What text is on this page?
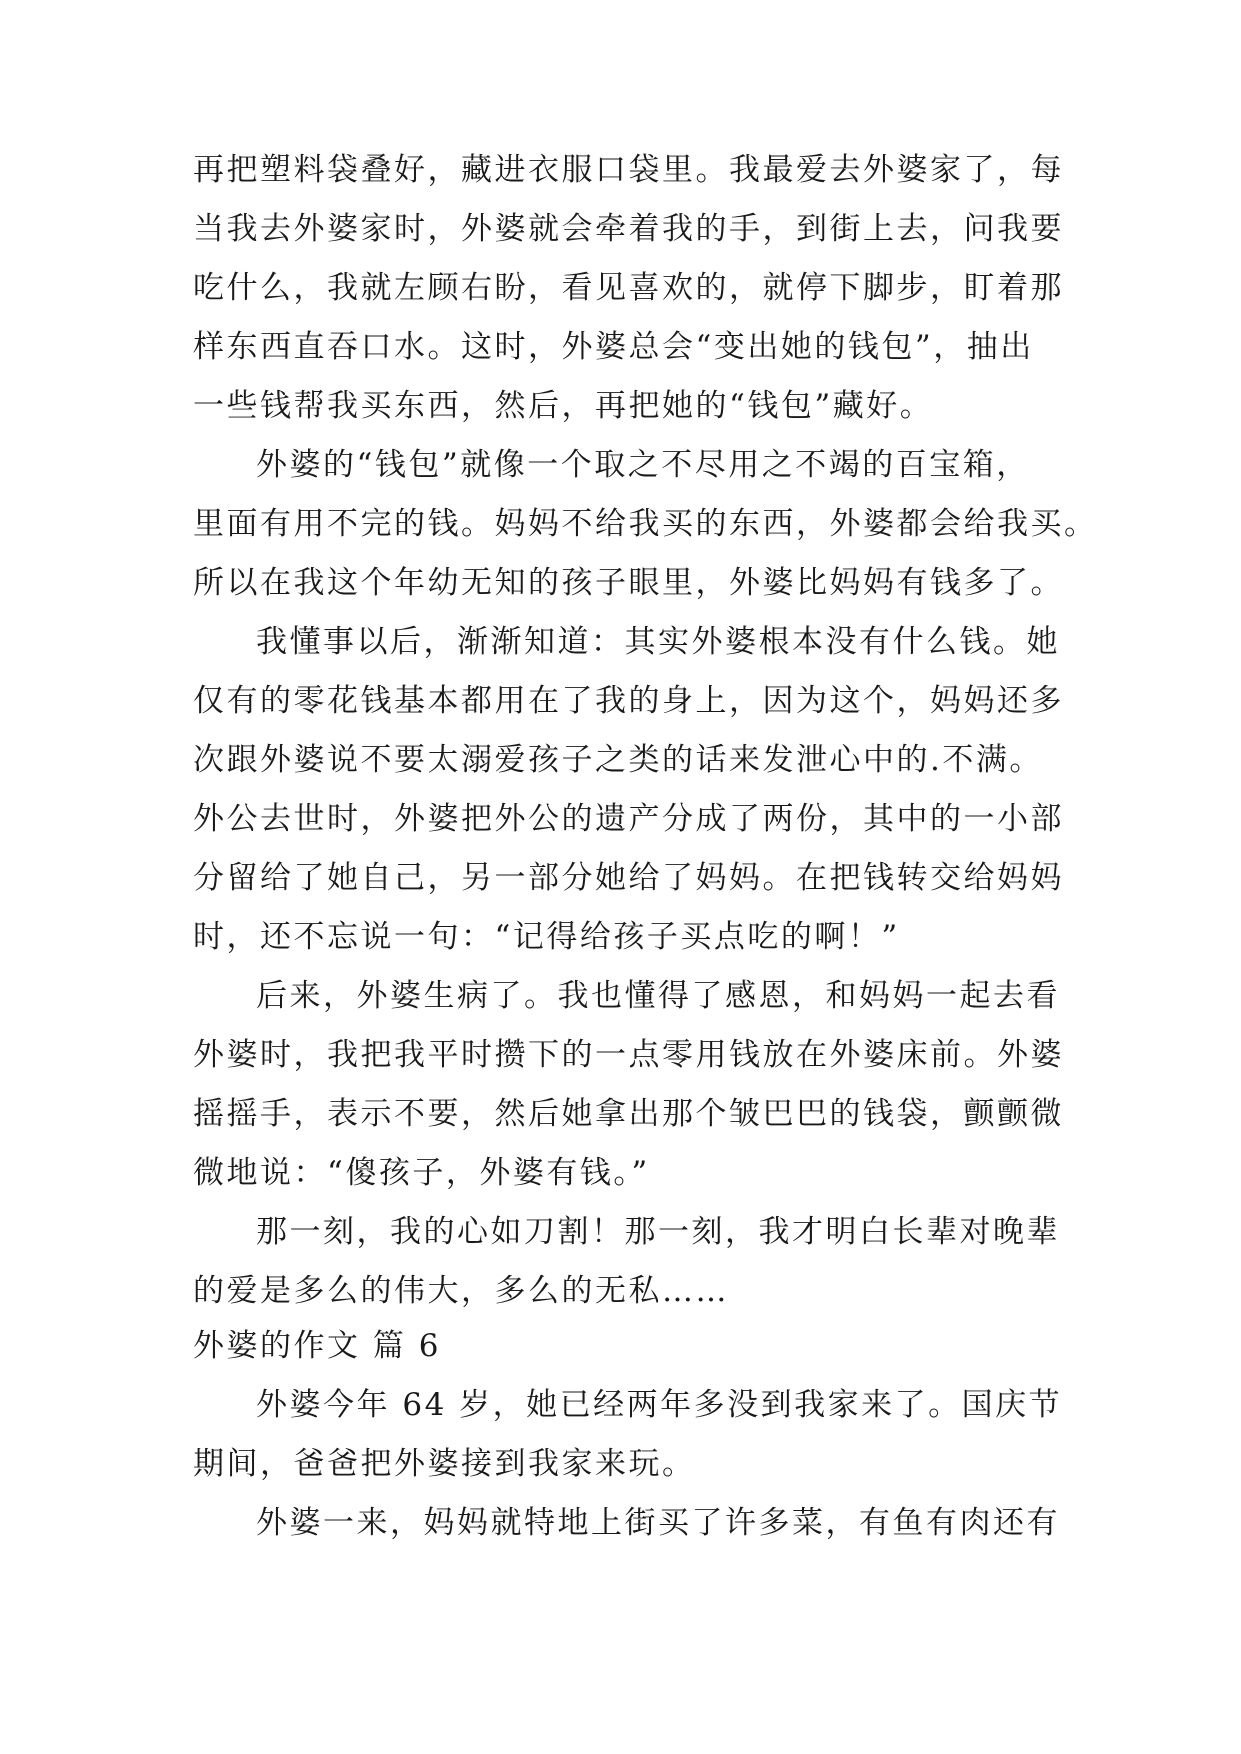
再把塑料袋叠好，藏进衣服口袋里。我最爱去外婆家了，每
当我去外婆家时，外婆就会牵着我的手，到街上去，问我要
吃什么，我就左顾右盼，看见喜欢的，就停下脚步，盯着那
样东西直吞口水。这时，外婆总会“变出她的钱包”，抽出
一些钱帮我买东西，然后，再把她的“钱包”藏好。
外婆的“钱包”就像一个取之不尽用之不竭的百宝箱，
里面有用不完的钱。妈妈不给我买的东西，外婆都会给我买。
所以在我这个年幼无知的孩子眼里，外婆比妈妈有钱多了。
我懂事以后，渐渐知道：其实外婆根本没有什么钱。她
仅有的零花钱基本都用在了我的身上，因为这个，妈妈还多
次跟外婆说不要太溺爱孩子之类的话来发泄心中的.不满。
外公去世时，外婆把外公的遗产分成了两份，其中的一小部
分留给了她自己，另一部分她给了妈妈。在把钱转交给妈妈
时，还不忘说一句：“记得给孩子买点吃的啊！”
后来，外婆生病了。我也懂得了感恩，和妈妈一起去看
外婆时，我把我平时攒下的一点零用钱放在外婆床前。外婆
摇摇手，表示不要，然后她拿出那个皱巴巴的钱袋，颤颤微
微地说：“傻孩子，外婆有钱。”
那一刻，我的心如刀割！那一刻，我才明白长辈对晚辈
的爱是多么的伟大，多么的无私……
外婆的作文 篇 6
外婆今年 64 岁，她已经两年多没到我家来了。国庆节
期间，爸爸把外婆接到我家来玩。
外婆一来，妈妈就特地上街买了许多菜，有鱼有肉还有
